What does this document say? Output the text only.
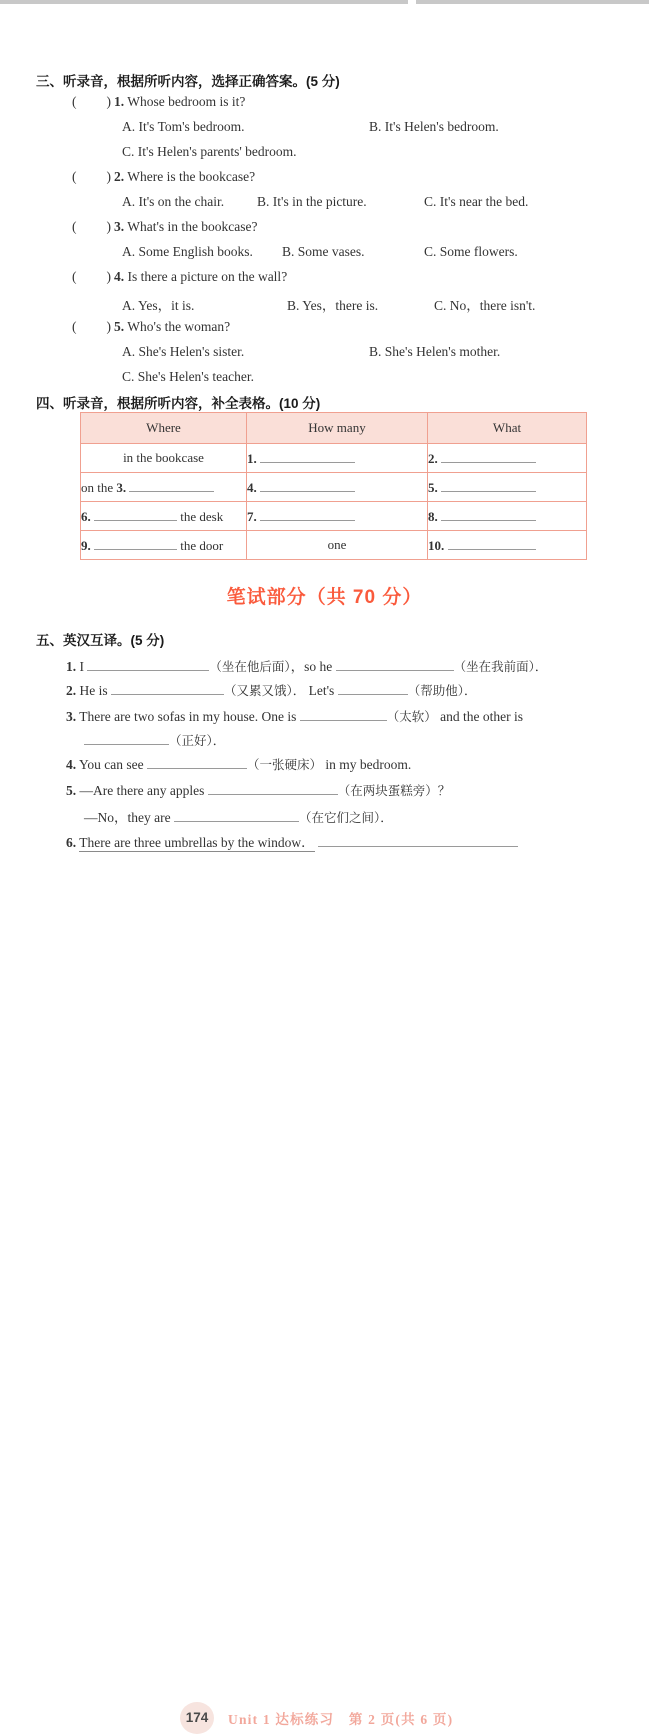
三、听录音，根据所听内容，选择正确答案。(5 分)
( ) 1. Whose bedroom is it?
A. It's Tom's bedroom.	B. It's Helen's bedroom.
C. It's Helen's parents' bedroom.
( ) 2. Where is the bookcase?
A. It's on the chair. B. It's in the picture.	C. It's near the bed.
( ) 3. What's in the bookcase?
A. Some English books. B. Some vases.	C. Some flowers.
( ) 4. Is there a picture on the wall?
A. Yes，it is.	B. Yes，there is.	C. No，there isn't.
( ) 5. Who's the woman?
A. She's Helen's sister.	B. She's Helen's mother.
C. She's Helen's teacher.
四、听录音，根据所听内容，补全表格。(10 分)
Where	How many	What
in the bookcase	1.	2.
on the 3.	4.	5.
6. the desk	7.	8.
9. the door	one	10.
笔试部分（共 70 分）
五、英汉互译。(5 分)
1. I	（坐在他后面），so he	（坐在我前面）．
2. He is	（又累又饿）． Let's	（帮助他）．
3. There are two sofas in my house. One is	（太软） and the other is
（正好）．
4. You can see	（一张硬床） in my bedroom.
5. —Are there any apples	（在两块蛋糕旁）？
—No，they are	（在它们之间）．
6. There are three umbrellas by the window．
174	Unit 1 达标练习　第 2 页(共 6 页)
